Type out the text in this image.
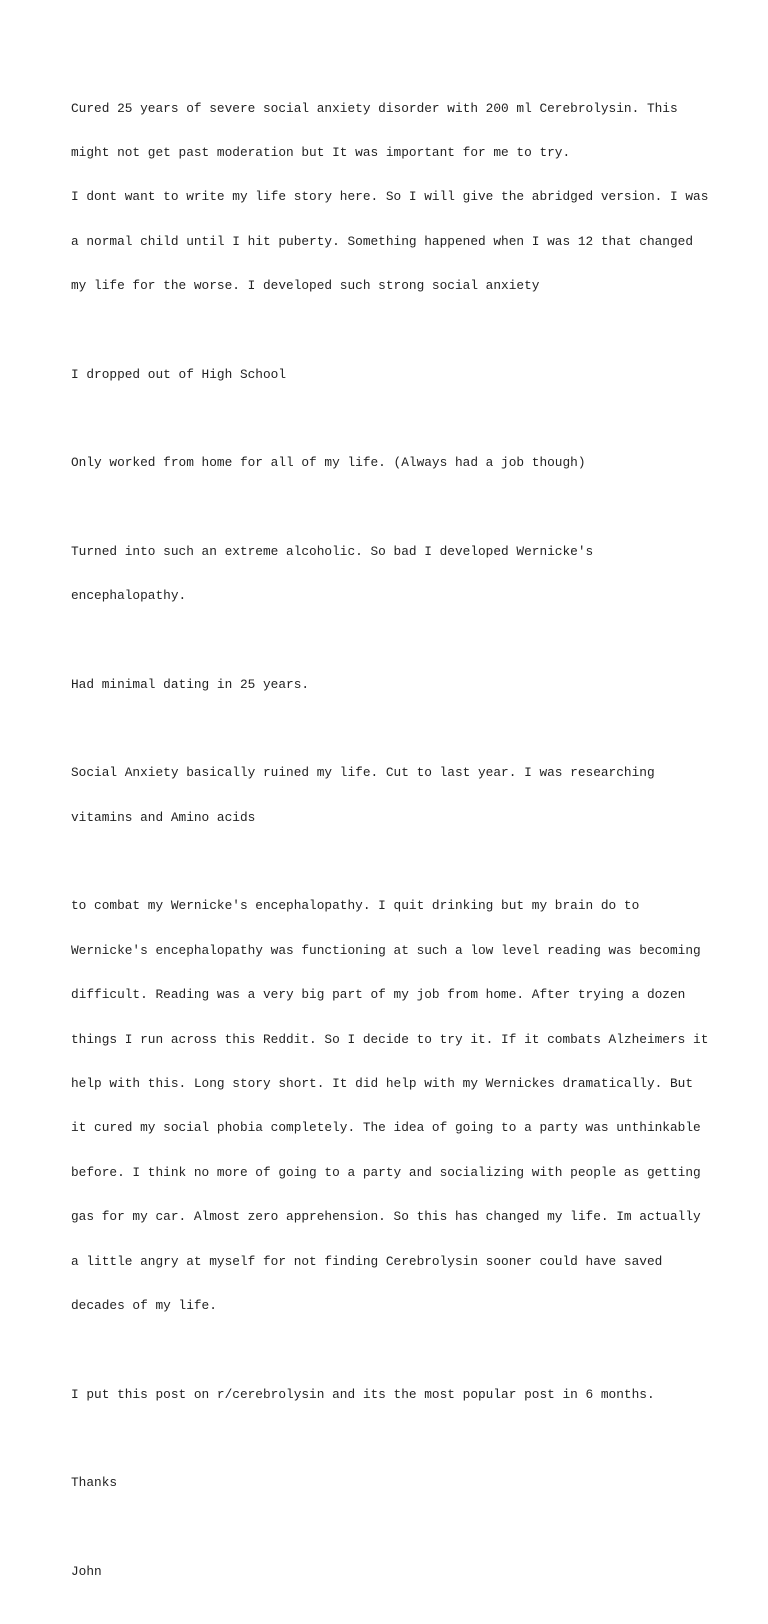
Cured 25 years of severe social anxiety disorder with 200 ml Cerebrolysin. This

might not get past moderation but It was important for me to try.

I dont want to write my life story here. So I will give the abridged version. I was

a normal child until I hit puberty. Something happened when I was 12 that changed

my life for the worse. I developed such strong social anxiety

I dropped out of High School

Only worked from home for all of my life. (Always had a job though)

Turned into such an extreme alcoholic. So bad I developed Wernicke's

encephalopathy.

Had minimal dating in 25 years.

Social Anxiety basically ruined my life. Cut to last year. I was researching

vitamins and Amino acids

to combat my Wernicke's encephalopathy. I quit drinking but my brain do to

Wernicke's encephalopathy was functioning at such a low level reading was becoming

difficult. Reading was a very big part of my job from home. After trying a dozen

things I run across this Reddit. So I decide to try it. If it combats Alzheimers it

help with this. Long story short. It did help with my Wernickes dramatically. But

it cured my social phobia completely. The idea of going to a party was unthinkable

before. I think no more of going to a party and socializing with people as getting

gas for my car. Almost zero apprehension. So this has changed my life. Im actually

a little angry at myself for not finding Cerebrolysin sooner could have saved

decades of my life.

I put this post on r/cerebrolysin and its the most popular post in 6 months.

Thanks

John
